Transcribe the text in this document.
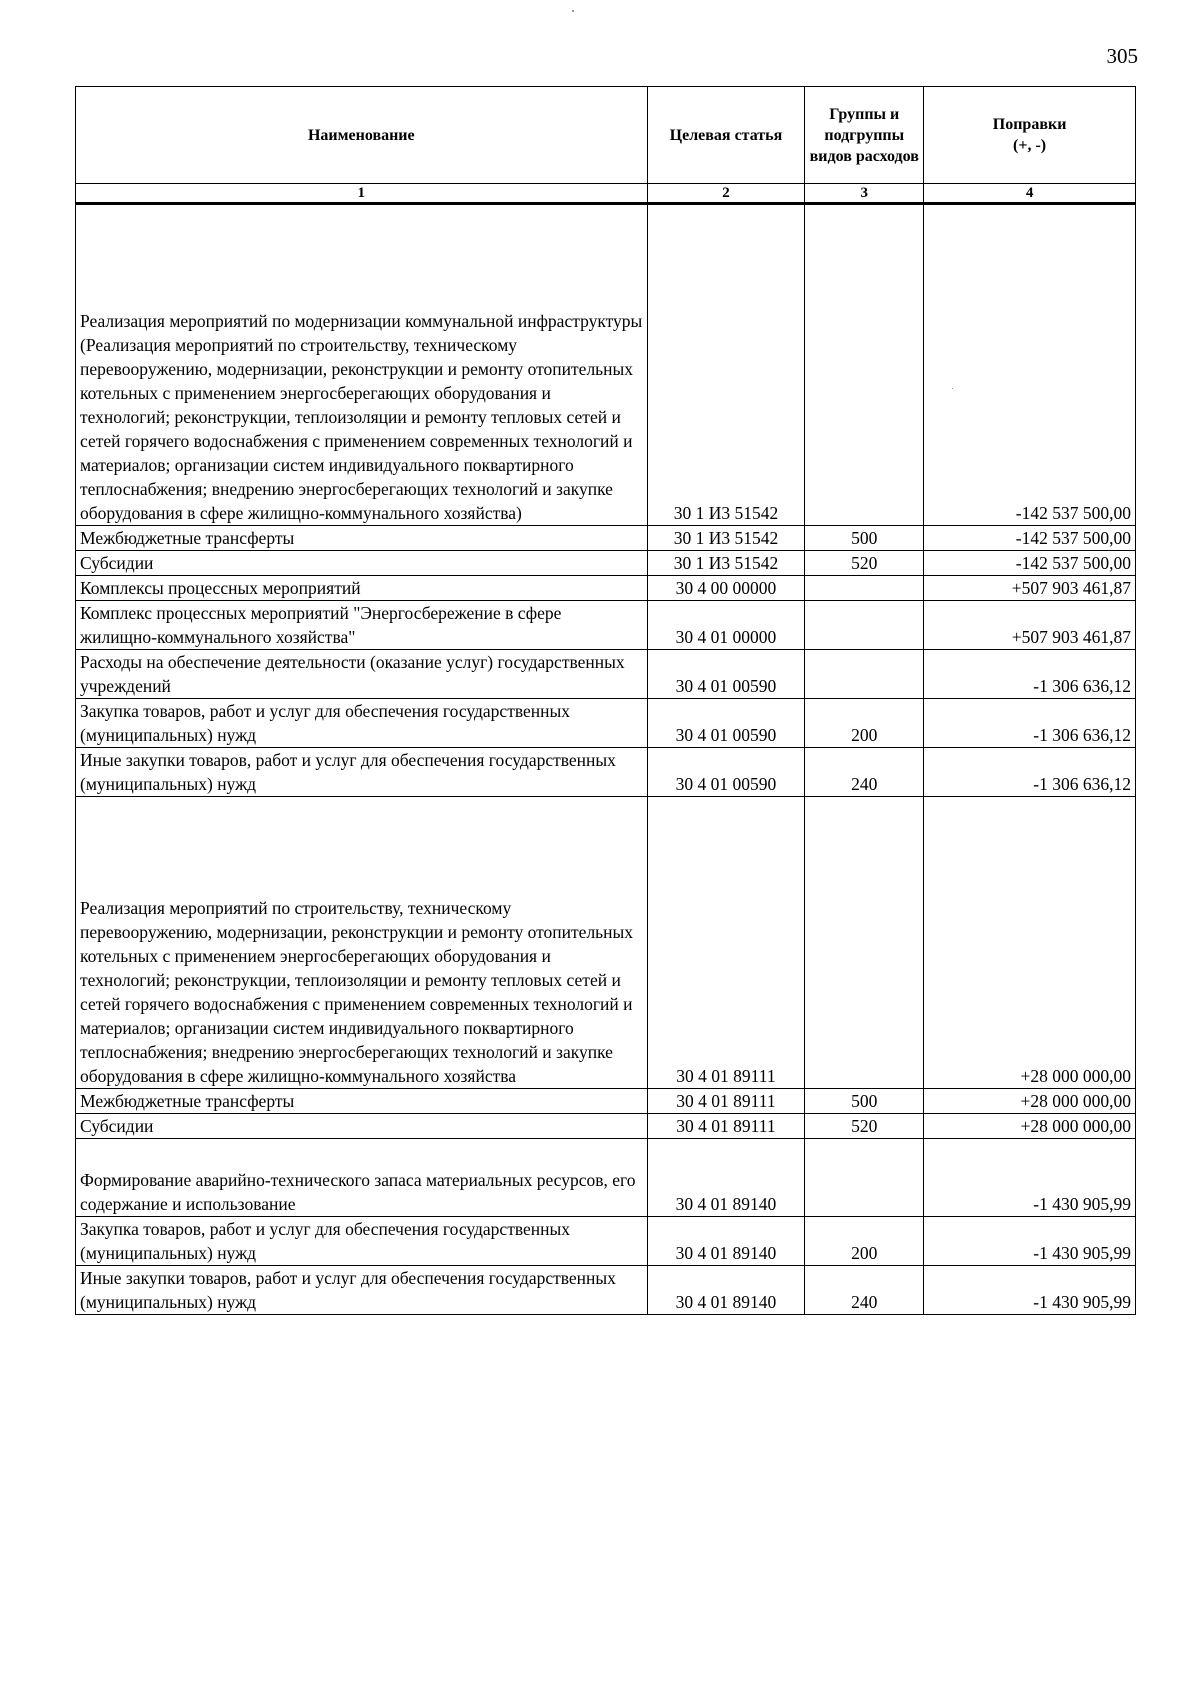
305
Наименование	Целевая статья	Группы и подгруппы видов расходов	Поправки
(+, -)
1	2	3	4
Реализация мероприятий по модернизации коммунальной инфраструктуры (Реализация мероприятий по строительству, техническому перевооружению, модернизации, реконструкции и ремонту отопительных котельных с применением энергосберегающих оборудования и технологий; реконструкции, теплоизоляции и ремонту тепловых сетей и сетей горячего водоснабжения с применением современных технологий и материалов; организации систем индивидуального поквартирного теплоснабжения; внедрению энергосберегающих технологий и закупке оборудования в сфере жилищно-коммунального хозяйства)	30 1 И3 51542		-142 537 500,00
Межбюджетные трансферты	30 1 И3 51542	500	-142 537 500,00
Субсидии	30 1 И3 51542	520	-142 537 500,00
Комплексы процессных мероприятий	30 4 00 00000		+507 903 461,87
Комплекс процессных мероприятий "Энергосбережение в сфере жилищно-коммунального хозяйства"	30 4 01 00000		+507 903 461,87
Расходы на обеспечение деятельности (оказание услуг) государственных учреждений	30 4 01 00590		-1 306 636,12
Закупка товаров, работ и услуг для обеспечения государственных (муниципальных) нужд	30 4 01 00590	200	-1 306 636,12
Иные закупки товаров, работ и услуг для обеспечения государственных (муниципальных) нужд	30 4 01 00590	240	-1 306 636,12
Реализация мероприятий по строительству, техническому перевооружению, модернизации, реконструкции и ремонту отопительных котельных с применением энергосберегающих оборудования и технологий; реконструкции, теплоизоляции и ремонту тепловых сетей и сетей горячего водоснабжения с применением современных технологий и материалов; организации систем индивидуального поквартирного теплоснабжения; внедрению энергосберегающих технологий и закупке оборудования в сфере жилищно-коммунального хозяйства	30 4 01 89111		+28 000 000,00
Межбюджетные трансферты	30 4 01 89111	500	+28 000 000,00
Субсидии	30 4 01 89111	520	+28 000 000,00
Формирование аварийно-технического запаса материальных ресурсов, его содержание и использование	30 4 01 89140		-1 430 905,99
Закупка товаров, работ и услуг для обеспечения государственных (муниципальных) нужд	30 4 01 89140	200	-1 430 905,99
Иные закупки товаров, работ и услуг для обеспечения государственных (муниципальных) нужд	30 4 01 89140	240	-1 430 905,99
